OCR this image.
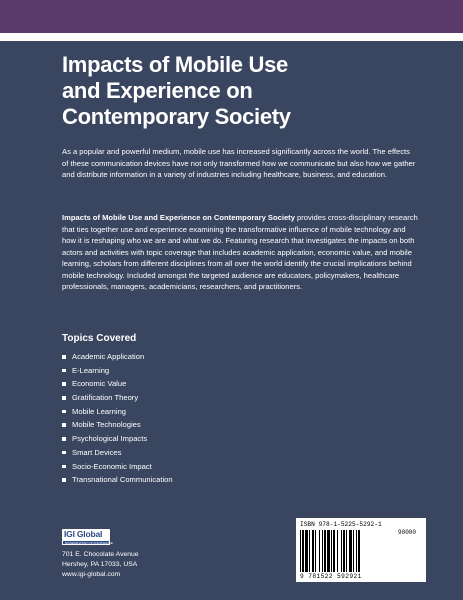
Impacts of Mobile Use
and Experience on
Contemporary Society

As a popular and powerful medium, mobile use has increased significantly across the world. The effects of these communication devices have not only transformed how we communicate but also how we gather and distribute information in a variety of industries including healthcare, business, and education.

Impacts of Mobile Use and Experience on Contemporary Society provides cross-disciplinary research that ties together use and experience examining the transformative influence of mobile technology and how it is reshaping who we are and what we do. Featuring research that investigates the impacts on both actors and activities with topic coverage that includes academic application, economic value, and mobile learning, scholars from different disciplines from all over the world identify the crucial implications behind mobile technology. Included amongst the targeted audience are educators, policymakers, healthcare professionals, managers, academicians, researchers, and practitioners.

Topics Covered
Academic Application
E-Learning
Economic Value
Gratification Theory
Mobile Learning
Mobile Technologies
Psychological Impacts
Smart Devices
Socio-Economic Impact
Transnational Communication
IGI Global
DISSEMINATOR OF KNOWLEDGE

701 E. Chocolate Avenue
Hershey, PA 17033, USA
www.igi-global.com

ISBN 978-1-5225-5292-1

90000

9 781522 592921
